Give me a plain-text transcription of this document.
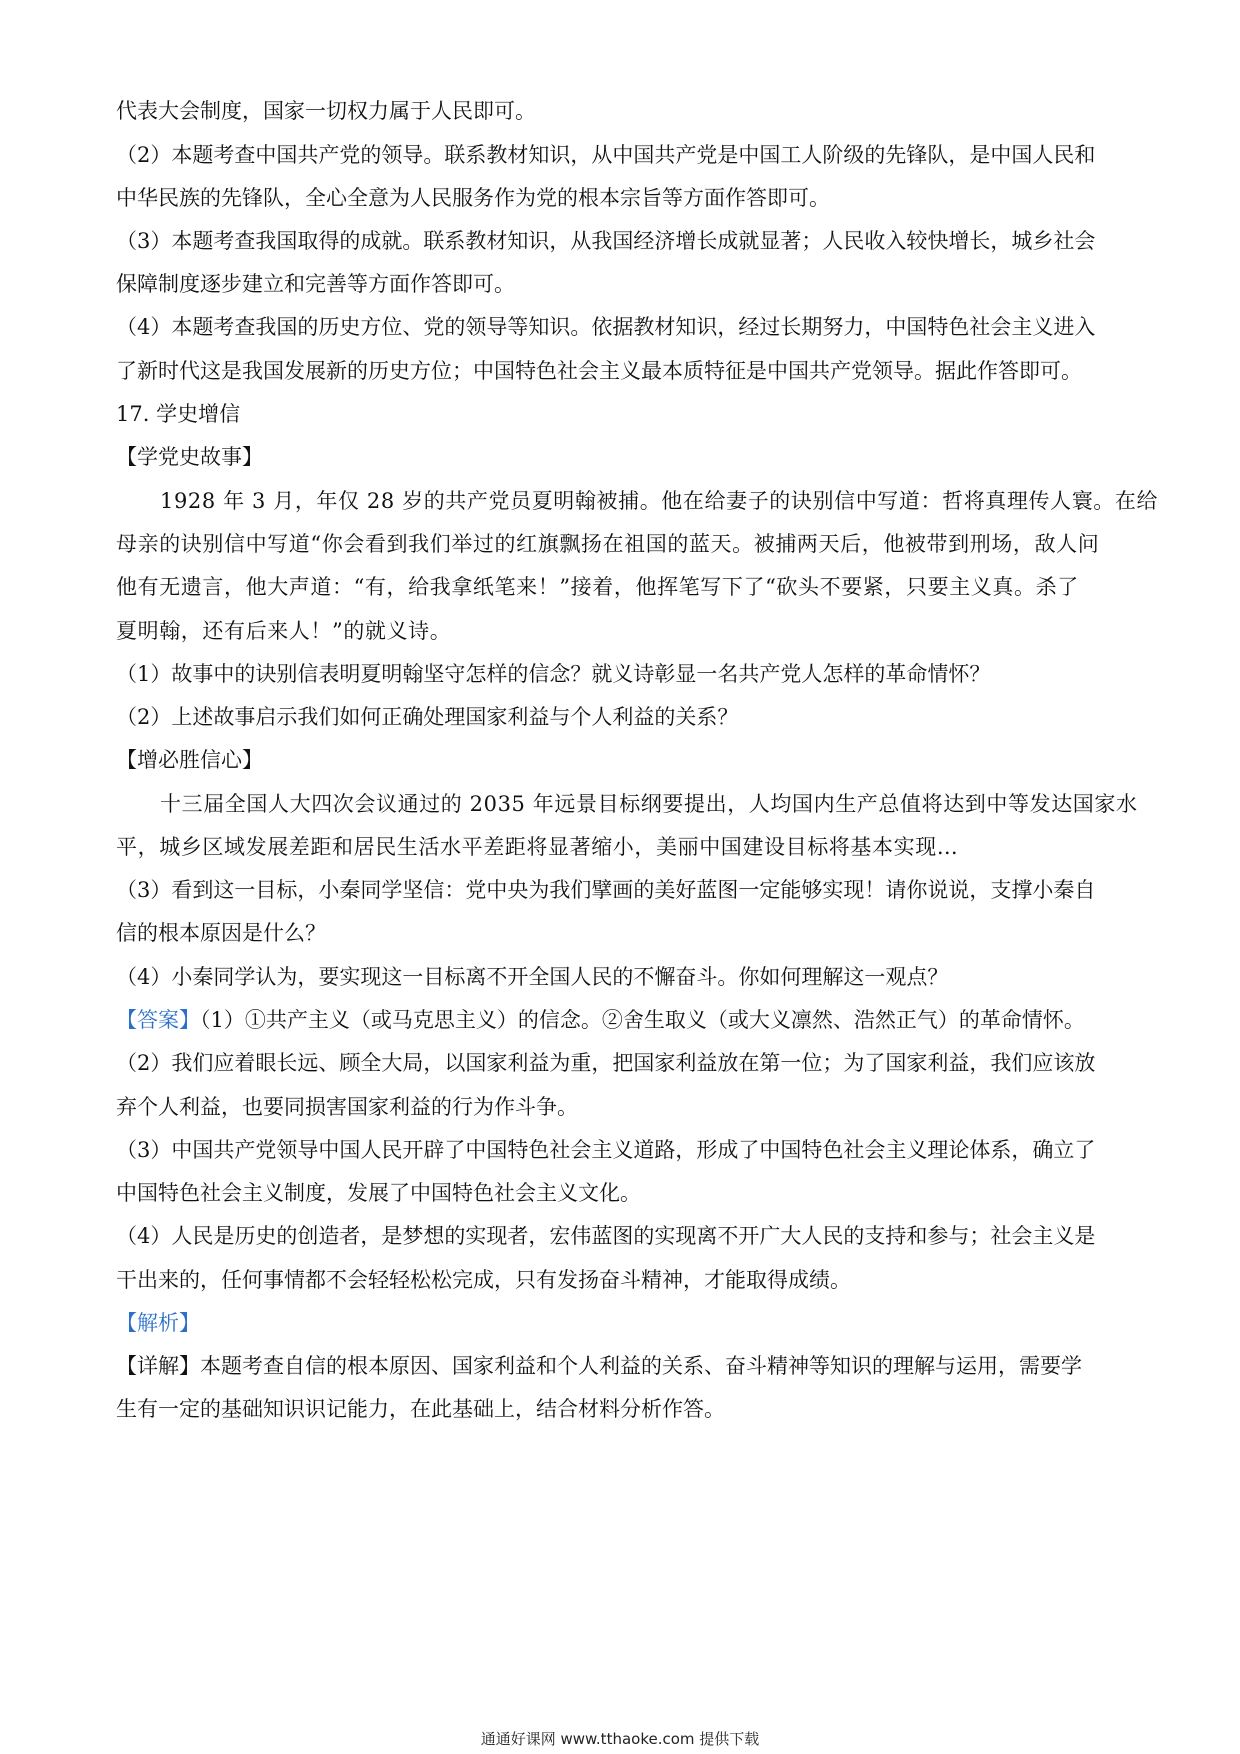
代表大会制度，国家一切权力属于人民即可。
（2）本题考查中国共产党的领导。联系教材知识，从中国共产党是中国工人阶级的先锋队，是中国人民和
中华民族的先锋队，全心全意为人民服务作为党的根本宗旨等方面作答即可。
（3）本题考查我国取得的成就。联系教材知识，从我国经济增长成就显著；人民收入较快增长，城乡社会
保障制度逐步建立和完善等方面作答即可。
（4）本题考查我国的历史方位、党的领导等知识。依据教材知识，经过长期努力，中国特色社会主义进入
了新时代这是我国发展新的历史方位；中国特色社会主义最本质特征是中国共产党领导。据此作答即可。
17. 学史增信
【学党史故事】
1928 年 3 月，年仅 28 岁的共产党员夏明翰被捕。他在给妻子的诀别信中写道：哲将真理传人寰。在给
母亲的诀别信中写道“你会看到我们举过的红旗飘扬在祖国的蓝天。被捕两天后，他被带到刑场，敌人问
他有无遗言，他大声道：“有，给我拿纸笔来！”接着，他挥笔写下了“砍头不要紧，只要主义真。杀了
夏明翰，还有后来人！”的就义诗。
（1）故事中的诀别信表明夏明翰坚守怎样的信念？就义诗彰显一名共产党人怎样的革命情怀？
（2）上述故事启示我们如何正确处理国家利益与个人利益的关系？
【增必胜信心】
十三届全国人大四次会议通过的 2035 年远景目标纲要提出，人均国内生产总值将达到中等发达国家水
平，城乡区域发展差距和居民生活水平差距将显著缩小，美丽中国建设目标将基本实现…
（3）看到这一目标，小秦同学坚信：党中央为我们擘画的美好蓝图一定能够实现！请你说说，支撑小秦自
信的根本原因是什么？
（4）小秦同学认为，要实现这一目标离不开全国人民的不懈奋斗。你如何理解这一观点？
【答案】（1）①共产主义（或马克思主义）的信念。②舍生取义（或大义凛然、浩然正气）的革命情怀。
（2）我们应着眼长远、顾全大局，以国家利益为重，把国家利益放在第一位；为了国家利益，我们应该放
弃个人利益，也要同损害国家利益的行为作斗争。
（3）中国共产党领导中国人民开辟了中国特色社会主义道路，形成了中国特色社会主义理论体系，确立了
中国特色社会主义制度，发展了中国特色社会主义文化。
（4）人民是历史的创造者，是梦想的实现者，宏伟蓝图的实现离不开广大人民的支持和参与；社会主义是
干出来的，任何事情都不会轻轻松松完成，只有发扬奋斗精神，才能取得成绩。
【解析】
【详解】本题考查自信的根本原因、国家利益和个人利益的关系、奋斗精神等知识的理解与运用，需要学
生有一定的基础知识识记能力，在此基础上，结合材料分析作答。
通通好课网 www.tthaoke.com 提供下载
